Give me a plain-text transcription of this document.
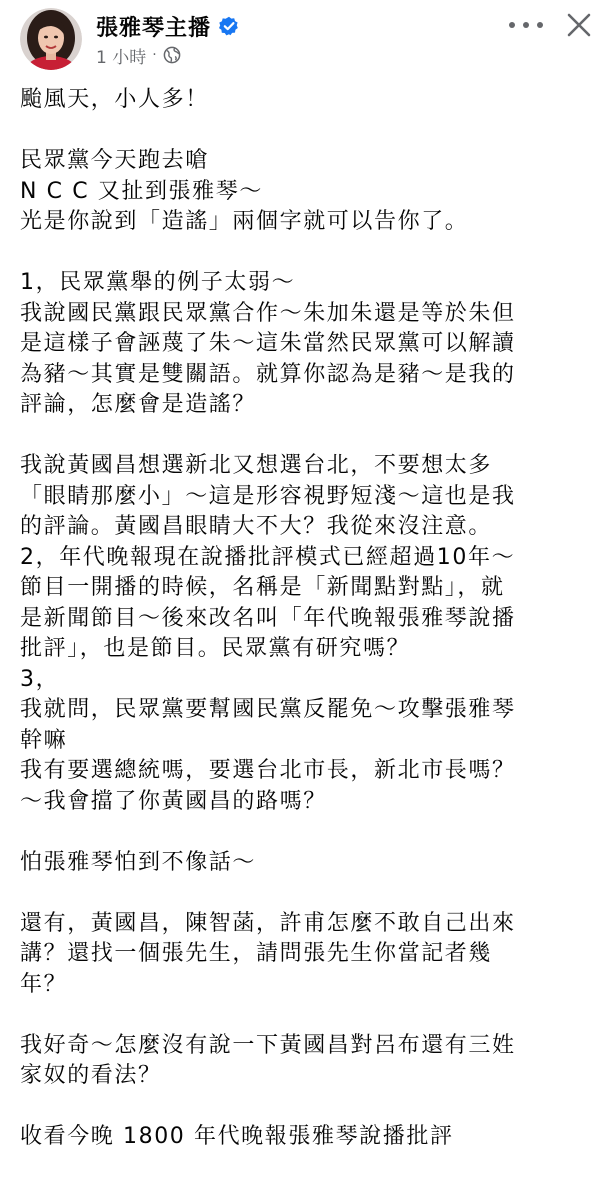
張雅琴主播
1 小時 ·
颱風天，小人多！
民眾黨今天跑去嗆
N C C 又扯到張雅琴～
光是你說到「造謠」兩個字就可以告你了。
1，民眾黨舉的例子太弱～
我說國民黨跟民眾黨合作～朱加朱還是等於朱但
是這樣子會誣蔑了朱～這朱當然民眾黨可以解讀
為豬～其實是雙關語。就算你認為是豬～是我的
評論，怎麼會是造謠？
我說黃國昌想選新北又想選台北，不要想太多
「眼睛那麼小」～這是形容視野短淺～這也是我
的評論。黃國昌眼睛大不大？我從來沒注意。
2，年代晚報現在說播批評模式已經超過10年～
節目一開播的時候，名稱是「新聞點對點」，就
是新聞節目～後來改名叫「年代晚報張雅琴說播
批評」，也是節目。民眾黨有研究嗎？
3，
我就問，民眾黨要幫國民黨反罷免～攻擊張雅琴
幹嘛
我有要選總統嗎，要選台北市長，新北市長嗎？
～我會擋了你黃國昌的路嗎？
怕張雅琴怕到不像話～
還有，黃國昌，陳智菡，許甫怎麼不敢自己出來
講？還找一個張先生，請問張先生你當記者幾
年？
我好奇～怎麼沒有說一下黃國昌對呂布還有三姓
家奴的看法？
收看今晚 1800 年代晚報張雅琴說播批評
